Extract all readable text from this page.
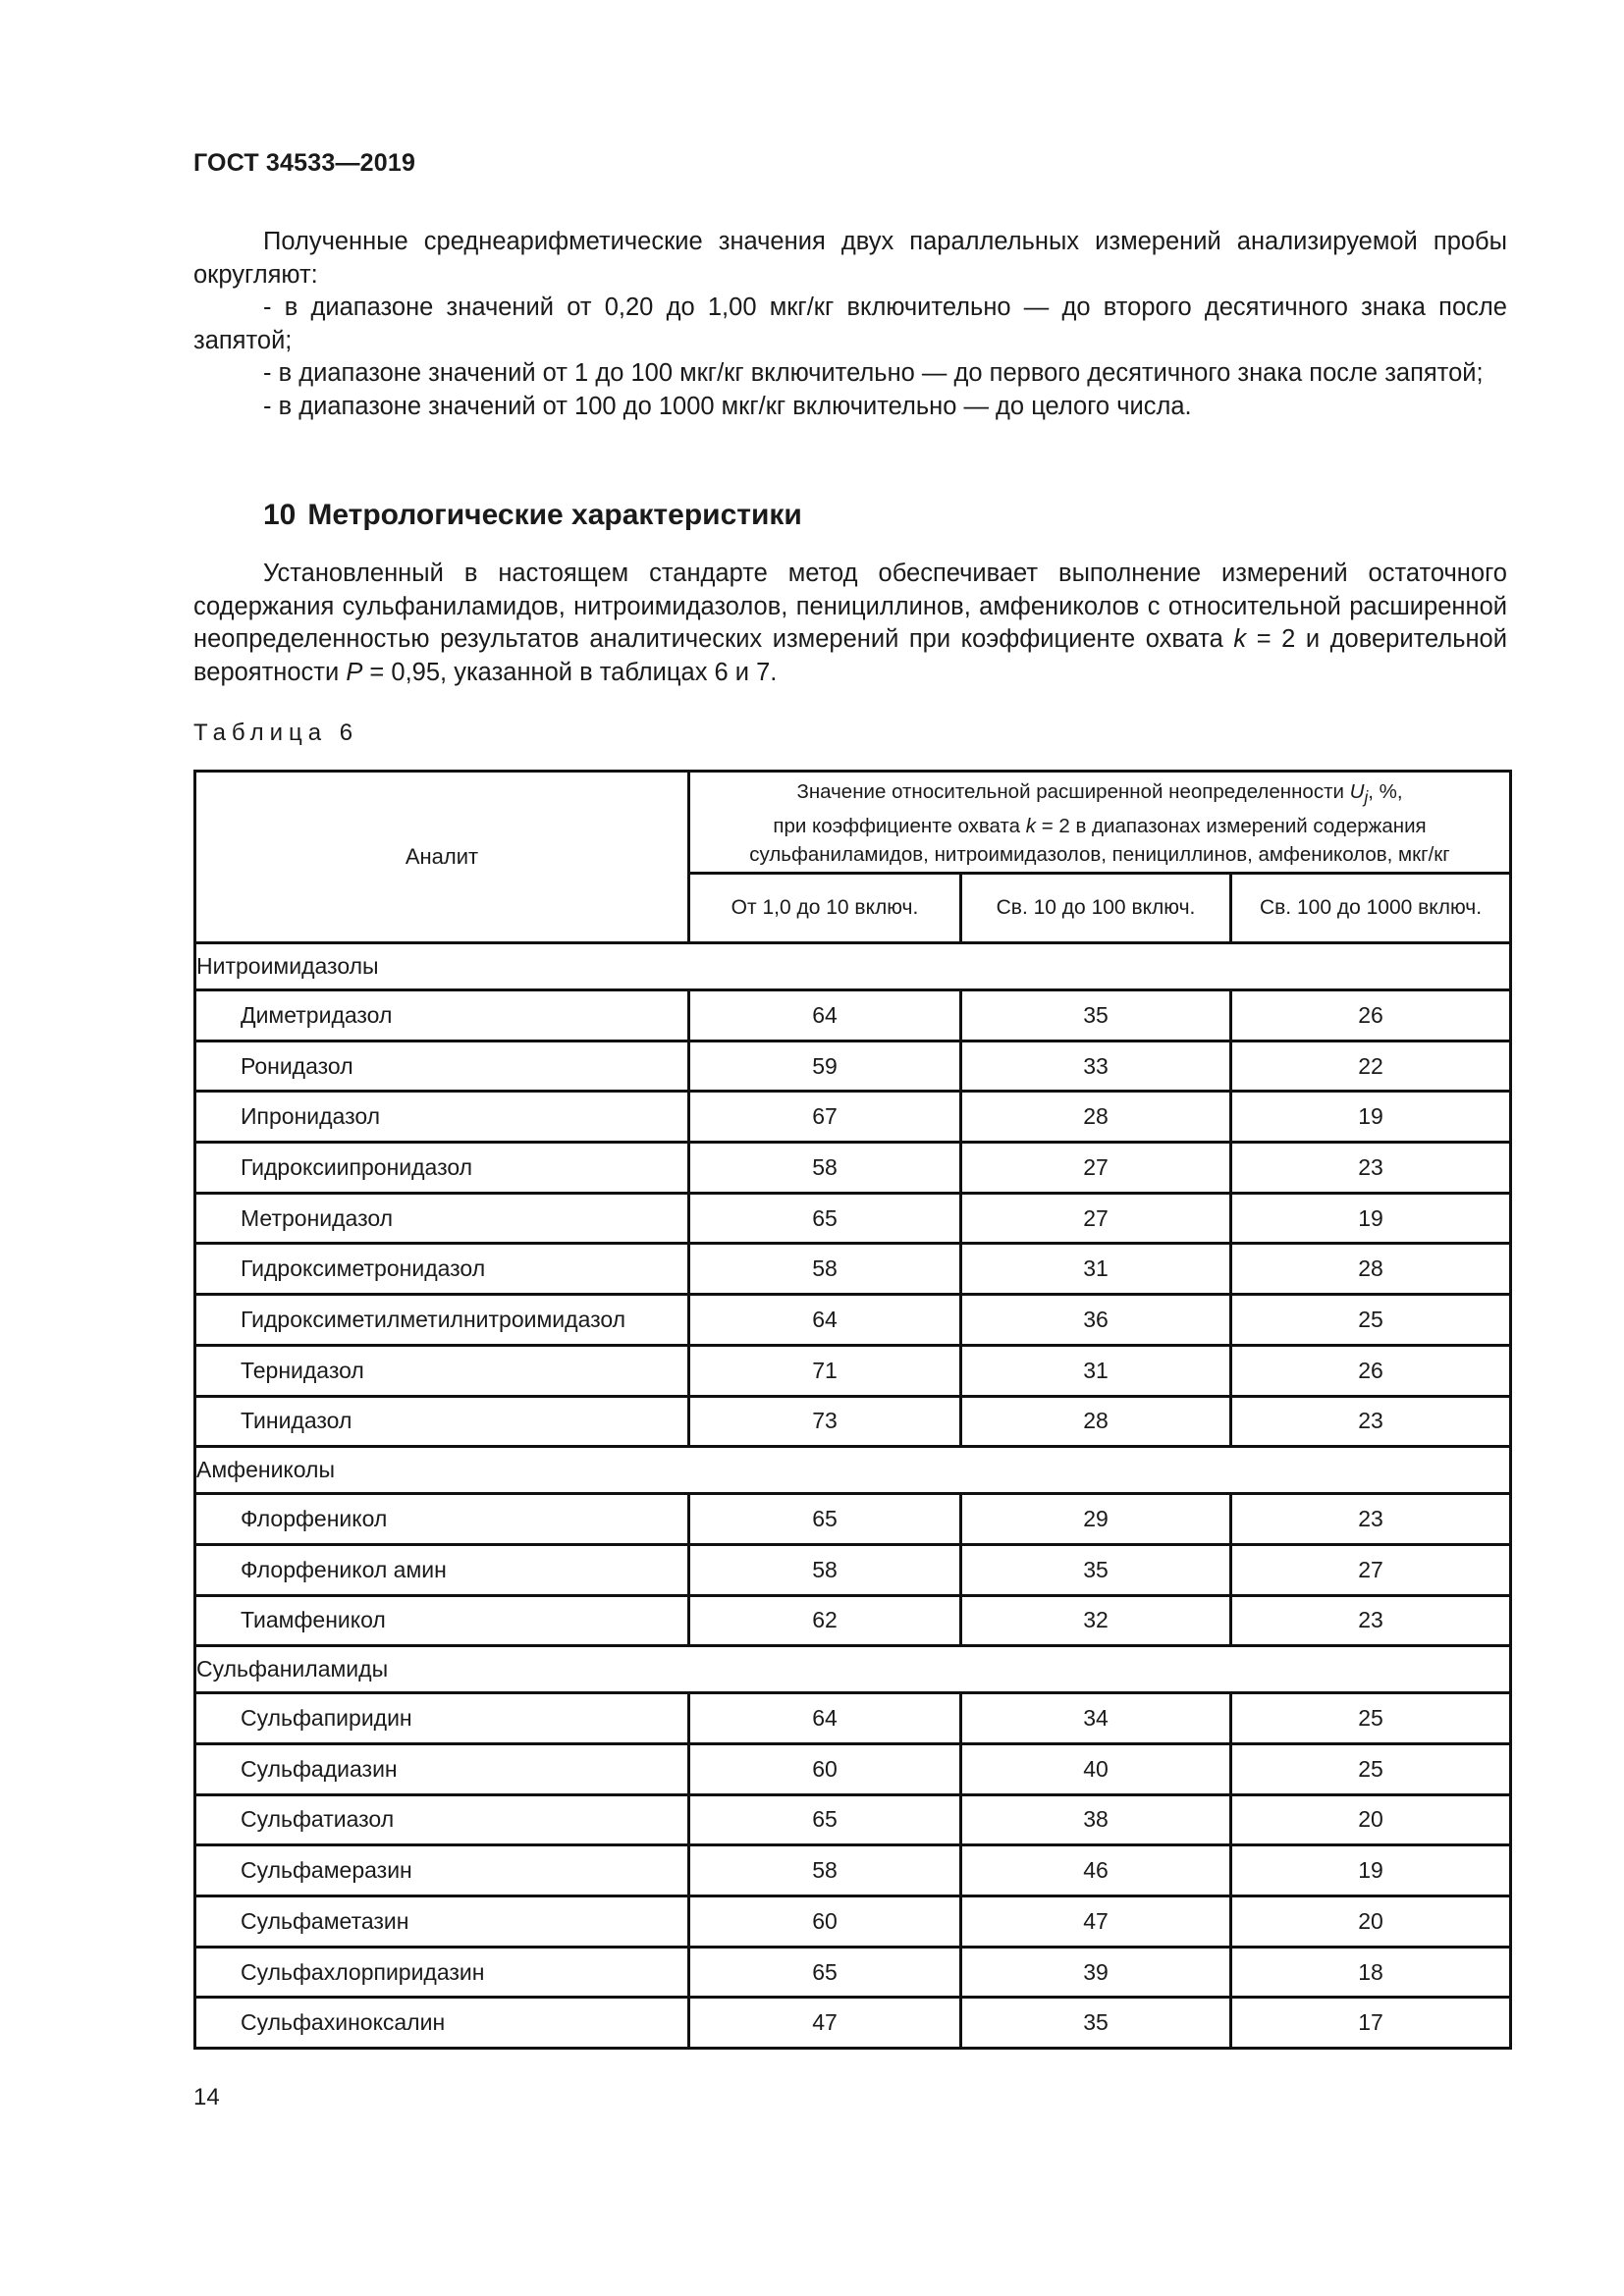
ГОСТ 34533—2019

Полученные среднеарифметические значения двух параллельных измерений анализируемой пробы округляют:

- в диапазоне значений от 0,20 до 1,00 мкг/кг включительно — до второго десятичного знака после запятой;

- в диапазоне значений от 1 до 100 мкг/кг включительно — до первого десятичного знака после запятой;

- в диапазоне значений от 100 до 1000 мкг/кг включительно — до целого числа.

10 Метрологические характеристики

Установленный в настоящем стандарте метод обеспечивает выполнение измерений остаточного содержания сульфаниламидов, нитроимидазолов, пенициллинов, амфениколов с относительной расширенной неопределенностью результатов аналитических измерений при коэффициенте охвата k = 2 и доверительной вероятности P = 0,95, указанной в таблицах 6 и 7.

Таблица 6
Аналит	Значение относительной расширенной неопределенности $U_j$, %,
при коэффициенте охвата k = 2 в диапазонах измерений содержания
сульфаниламидов, нитроимидазолов, пенициллинов, амфениколов, мкг/кг		
	От 1,0 до 10 включ.	Св. 10 до 100 включ.	Св. 100 до 1000 включ.
Нитроимидазолы			
Диметридазол	64	35	26
Ронидазол	59	33	22
Ипронидазол	67	28	19
Гидроксиипронидазол	58	27	23
Метронидазол	65	27	19
Гидроксиметронидазол	58	31	28
Гидроксиметилметилнитроимидазол	64	36	25
Тернидазол	71	31	26
Тинидазол	73	28	23
Амфениколы			
Флорфеникол	65	29	23
Флорфеникол амин	58	35	27
Тиамфеникол	62	32	23
Сульфаниламиды			
Сульфапиридин	64	34	25
Сульфадиазин	60	40	25
Сульфатиазол	65	38	20
Сульфамеразин	58	46	19
Сульфаметазин	60	47	20
Сульфахлорпиридазин	65	39	18
Сульфахиноксалин	47	35	17
14
